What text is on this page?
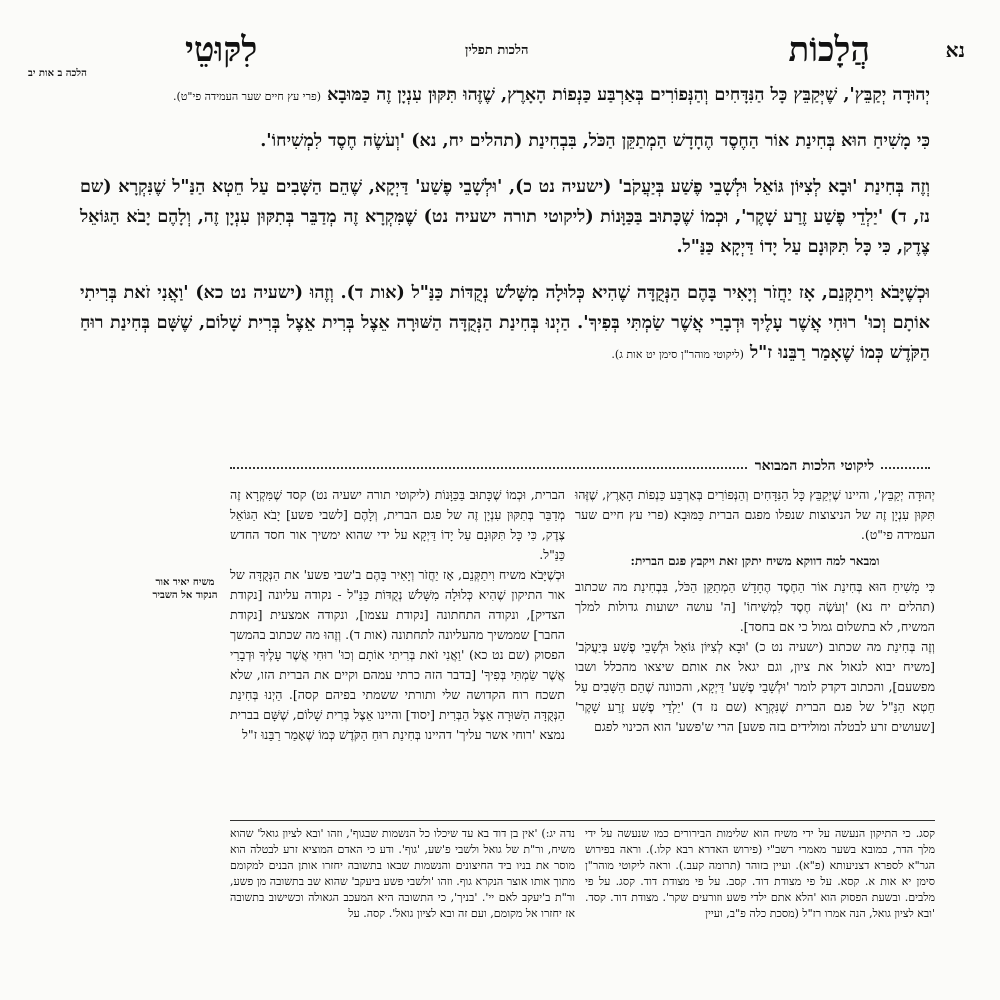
הלכה ב אות יב
לִקּוּטֵי	הלכות תפלין	הֲלָכוֹת	נא

יְהוּדָה יְקַבֵּץ', שֶׁיְּקַבֵּץ כָּל הַנִּדָּחִים וְהַנְּפוֹרִים בְּאַרְבַּע כַּנְפוֹת הָאָרֶץ, שֶׁזֶּהוּ תִּקּוּן עִנְיָן זֶה כַּמּוּבָא (פרי עץ חיים שער העמידה פי"ט).

כִּי מָשִׁיחַ הוּא בְּחִינַת אוֹר הַחֶסֶד הֶחָדָשׁ הַמְתַקֵּן הַכֹּל, בִּבְחִינַת (תהלים יח, נא) 'וְעֹשֶׂה חֶסֶד לִמְשִׁיחוֹ'.

וְזֶה בְּחִינַת 'וּבָא לְצִיּוֹן גּוֹאֵל וּלְשָׁבֵי פֶשַׁע בְּיַעֲקֹב' (ישעיה נט כ), 'וּלְשָׁבֵי פֶשַׁע' דַּיְקָא, שֶׁהֵם הַשָּׁבִים עַל חֵטְא הַנַּ"ל שֶׁנִּקְרָא (שם נז, ד) 'יַלְדֵי פֶשַׁע זֶרַע שָׁקֶר', וּכְמוֹ שֶׁכָּתוּב בַּכַּוָּנוֹת (ליקוטי תורה ישעיה נט) שֶׁמִּקְרָא זֶה מְדַבֵּר בְּתִקּוּן עִנְיָן זֶה, וְלָהֶם יָבֹא הַגּוֹאֵל צֶדֶק, כִּי כָּל תִּקּוּנָם עַל יָדוֹ דַּיְקָא כַּנַּ"ל.

וּכְשֶׁיָּבֹא וִיתַקְּנֵם, אָז יַחֲזֹר וְיָאִיר בָּהֶם הַנְּקֻדָּה שֶׁהִיא כְּלוּלָה מִשָּׁלֹשׁ נְקֻדּוֹת כַּנַּ"ל (אות ד). וְזֶהוּ (ישעיה נט כא) 'וַאֲנִי זֹאת בְּרִיתִי אוֹתָם וְכוּ' רוּחִי אֲשֶׁר עָלֶיךָ וּדְבָרַי אֲשֶׁר שַׂמְתִּי בְּפִיךָ'. הַיְנוּ בְּחִינַת הַנְּקֻדָּה הַשּׁוּרָה אֵצֶל בְּרִית אֵצֶל בְּרִית שָׁלוֹם, שֶׁשָּׁם בְּחִינַת רוּחַ הַקֹּדֶשׁ כְּמוֹ שֶׁאָמַר רַבֵּנוּ ז"ל (ליקוטי מוהר"ן סימן יט אות ג).

ליקוטי הלכות המבואר
יְהוּדָה יְקַבֵּץ', והיינו שֶׁיְּקַבֵּץ כָּל הַנִּדָּחִים וְהַנְּפוֹרִים בְּאַרְבַּע כַּנְפוֹת הָאָרֶץ, שֶׁזֶּהוּ תִּקּוּן עִנְיָן זֶה של הניצוצות שנפלו מפגם הברית כַּמּוּבָא (פרי עץ חיים שער העמידה פי"ט).
ומבאר למה דווקא משיח יתקן זאת ויקבץ פגם הברית:
כִּי מָשִׁיחַ הוּא בְּחִינַת אוֹר הַחֶסֶד הֶחָדָשׁ הַמְתַקֵּן הַכֹּל, בִּבְחִינַת מה שכתוב (תהלים יח נא) 'וְעֹשֶׂה חֶסֶד לִמְשִׁיחוֹ' [ה' עושה ישועות גדולות למלך המשיח, לא בתשלום גמול כי אם בחסד].
וְזֶה בְּחִינַת מה שכתוב (ישעיה נט כ) 'וּבָא לְצִיּוֹן גּוֹאֵל וּלְשָׁבֵי פֶשַׁע בְּיַעֲקֹב' [משיח יבוא לגאול את ציון, וגם יגאל את אותם שיצאו מהכלל ושבו מפשעם], והכתוב דקדק לומר 'וּלְשָׁבֵי פֶשַׁע' דַּיְקָא, והכוונה שֶׁהֵם הַשָּׁבִים עַל חֵטְא הַנַּ"ל של פגם הברית שֶׁנִּקְרָא (שם נז ד) 'יַלְדֵי פֶשַׁע זֶרַע שָׁקֶר' [שעושים זרע לבטלה ומולידים בזה פשע] הרי ש'פשע' הוא הכינוי לפגם
הברית, וּכְמוֹ שֶׁכָּתוּב בַּכַּוָּנוֹת (ליקוטי תורה ישעיה נט) קסד שֶׁמִּקְרָא זֶה מְדַבֵּר בְּתִקּוּן עִנְיָן זֶה של פגם הברית, וְלָהֶם [לשבי פשע] יָבֹא הַגּוֹאֵל צֶדֶק, כִּי כָּל תִּקּוּנָם עַל יָדוֹ דַּיְקָא על ידי שהוא ימשיך אור חסד החדש כַּנַּ"ל.
וּכְשֶׁיָּבֹא משיח וִיתַקְּנֵם, אָז יַחֲזֹר וְיָאִיר בָּהֶם ב'שבי פשע' את הַנְּקֻדָּה של אור התיקון שֶׁהִיא כְּלוּלָה מִשָּׁלֹשׁ נְקֻדּוֹת כַּנַּ"ל - נקודה עליונה [נקודת הצדיק], ונקודה התחתונה [נקודת עצמו], ונקודה אמצעית [נקודת החבר] שממשיך מהעליונה לתחתונה (אות ד). וְזֶהוּ מה שכתוב בהמשך הפסוק (שם נט כא) 'וַאֲנִי זֹאת בְּרִיתִי אוֹתָם וְכוּ' רוּחִי אֲשֶׁר עָלֶיךָ וּדְבָרַי אֲשֶׁר שַׂמְתִּי בְּפִיךָ' [בדבר הזה כרתי עמהם וקיים את הברית הזו, שלא תשכח רוח הקדושה שלי ותורתי ששמתי בפיהם קסה]. הַיְנוּ בְּחִינַת הַנְּקֻדָּה הַשּׁוּרָה אֵצֶל הַבְּרִית [יסוד] והיינו אֵצֶל בְּרִית שָׁלוֹם, שֶׁשָּׁם בברית נמצא 'רוחי אשר עליך' דהיינו בְּחִינַת רוּחַ הַקֹּדֶשׁ כְּמוֹ שֶׁאָמַר רַבֵּנוּ ז"ל
משיח יאיר אור הנקוד אל השביר
קסג. כי התיקון הנעשה על ידי משיח הוא שלימות הבירורים כמו שנעשה על ידי מלך הדר, כמובא בשער מאמרי רשב"י (פירוש האדרא רבא קלו.). וראה בפירוש הגר"א לספרא דצניעותא (פ"א). ועיין בזוהר (תרומה קעב.). וראה ליקוטי מוהר"ן סימן יא אות א. קסא. על פי מצודת דוד. קסב. על פי מצודת דוד. קסג. על פי מלבים. ובשעת הפסוק הוא 'הלא אתם ילדי פשע וזורעים שקר'. מצודת דוד. קסד. 'ובא לציון גואל, הנה אמרו רז"ל (מסכת כלה פ"ב, ועיין
נדה יג:) 'אין בן דוד בא עד שיכלו כל הנשמות שבגוף', וזהו 'ובא לציון גואל' שהוא משיח, ור"ת של גואל ולשבי פ'שע, 'גוף'. ודע כי האדם המוציא זרע לבטלה הוא מוסר את בניו ביד החיצונים והנשמות שבאו בתשובה יחזרו אותן הבנים למקומם מתוך אותו אוצר הנקרא גוף. וזהו 'ולשבי פשע ביעקב' שהוא שב בתשובה מן פשע, ור"ת ב'יעקב לאם יי'. 'בניך', כי התשובה היא המעכב הגאולה וכשישוב בתשובה אז יחזרו אל מקומם, ועם זה ובא לציון גואל'. קסה. על
